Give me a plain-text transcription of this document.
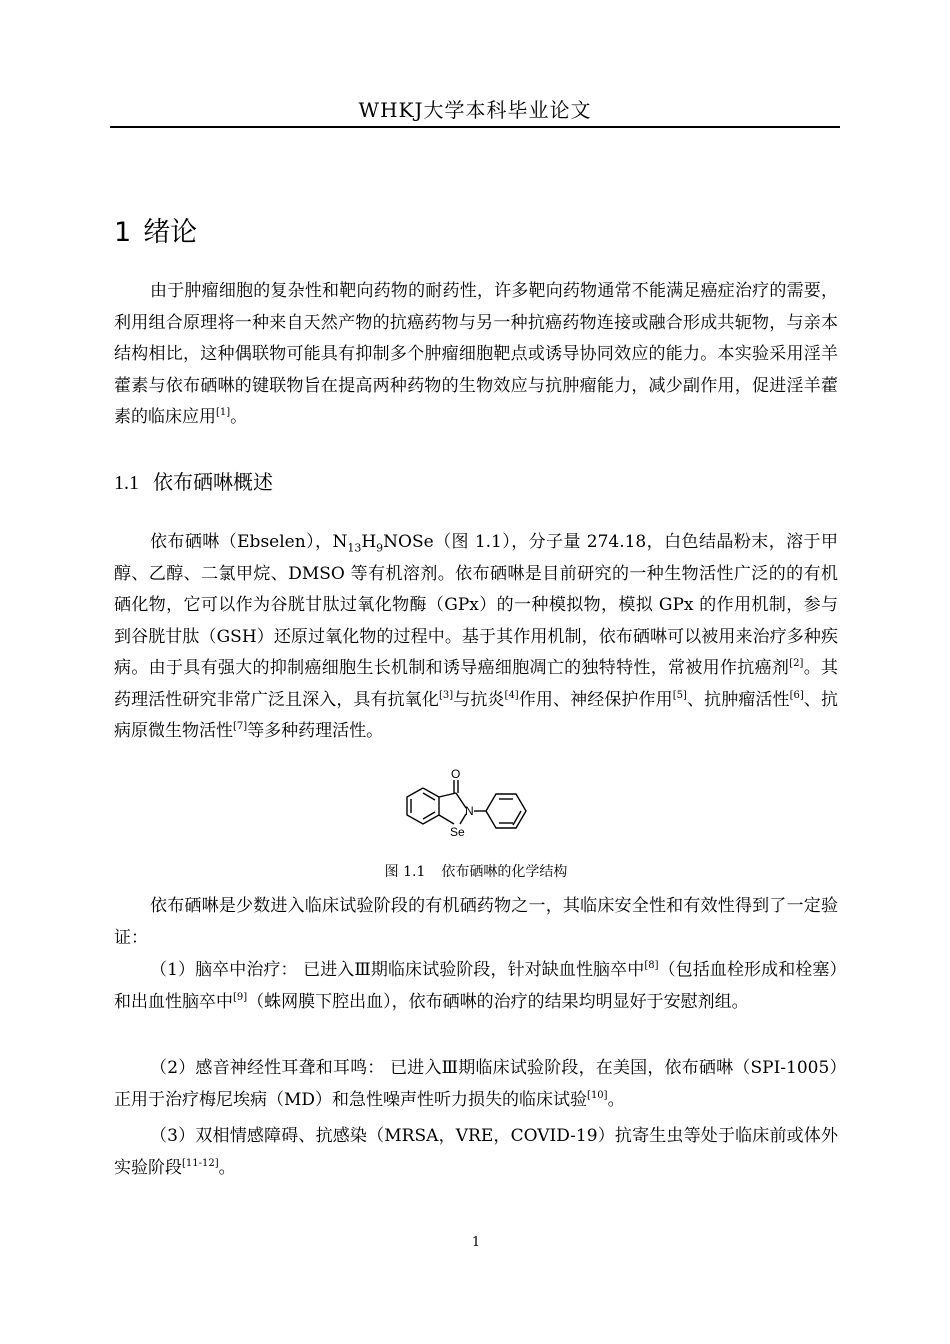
WHKJ大学本科毕业论文
1 绪论
由于肿瘤细胞的复杂性和靶向药物的耐药性，许多靶向药物通常不能满足癌症治疗的需要，利用组合原理将一种来自天然产物的抗癌药物与另一种抗癌药物连接或融合形成共轭物，与亲本结构相比，这种偶联物可能具有抑制多个肿瘤细胞靶点或诱导协同效应的能力。本实验采用淫羊藿素与依布硒啉的键联物旨在提高两种药物的生物效应与抗肿瘤能力，减少副作用，促进淫羊藿素的临床应用[1]。
1.1 依布硒啉概述
依布硒啉（Ebselen），$N_{13}H_9NOSe$（图 1.1），分子量 274.18，白色结晶粉末，溶于甲醇、乙醇、二氯甲烷、DMSO 等有机溶剂。依布硒啉是目前研究的一种生物活性广泛的的有机硒化物，它可以作为谷胱甘肽过氧化物酶（GPx）的一种模拟物，模拟 GPx 的作用机制，参与到谷胱甘肽（GSH）还原过氧化物的过程中。基于其作用机制，依布硒啉可以被用来治疗多种疾病。由于具有强大的抑制癌细胞生长机制和诱导癌细胞凋亡的独特特性，常被用作抗癌剂[2]。其药理活性研究非常广泛且深入，具有抗氧化[3]与抗炎[4]作用、神经保护作用[5]、抗肿瘤活性[6]、抗病原微生物活性[7]等多种药理活性。
O
N
Se
图 1.1 依布硒啉的化学结构
依布硒啉是少数进入临床试验阶段的有机硒药物之一，其临床安全性和有效性得到了一定验证：
（1）脑卒中治疗： 已进入Ⅲ期临床试验阶段，针对缺血性脑卒中[8]（包括血栓形成和栓塞）和出血性脑卒中[9]（蛛网膜下腔出血），依布硒啉的治疗的结果均明显好于安慰剂组。
（2）感音神经性耳聋和耳鸣： 已进入Ⅲ期临床试验阶段，在美国，依布硒啉（SPI-1005）正用于治疗梅尼埃病（MD）和急性噪声性听力损失的临床试验[10]。
（3）双相情感障碍、抗感染（MRSA，VRE，COVID-19）抗寄生虫等处于临床前或体外实验阶段[11-12]。
1
